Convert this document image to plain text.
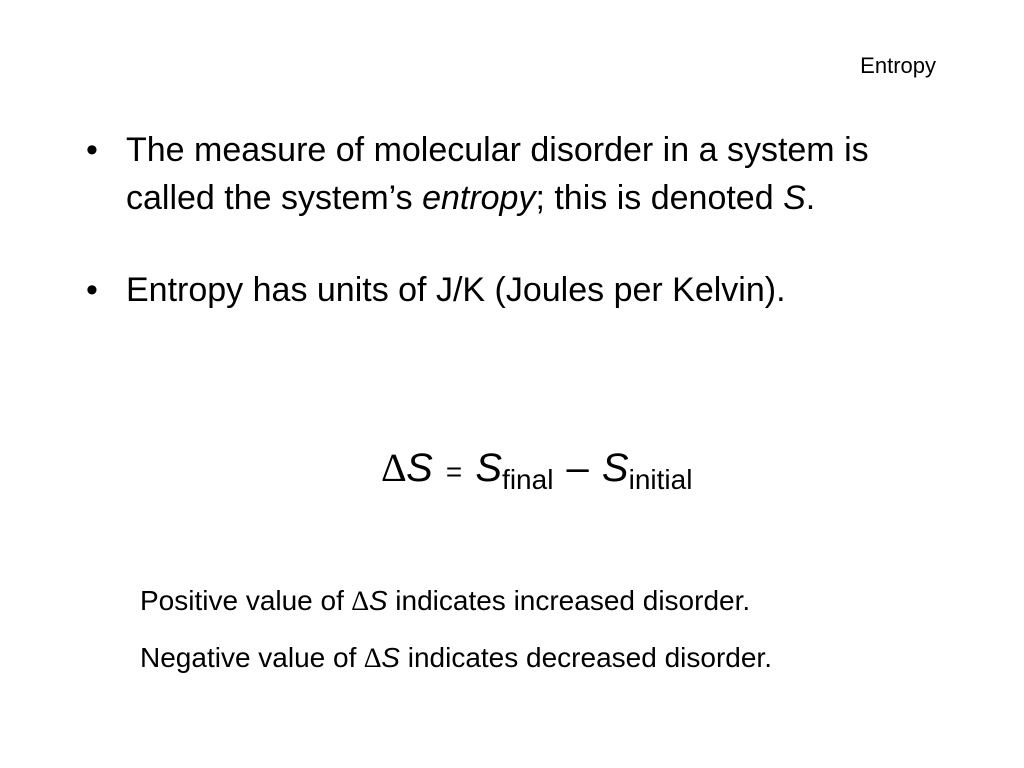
Entropy
• The measure of molecular disorder in a system is called the system’s entropy; this is denoted S.
• Entropy has units of J/K (Joules per Kelvin).
$\Delta S = S_{final} - S_{initial}$
Positive value of ∆S indicates increased disorder.
Negative value of ∆S indicates decreased disorder.
